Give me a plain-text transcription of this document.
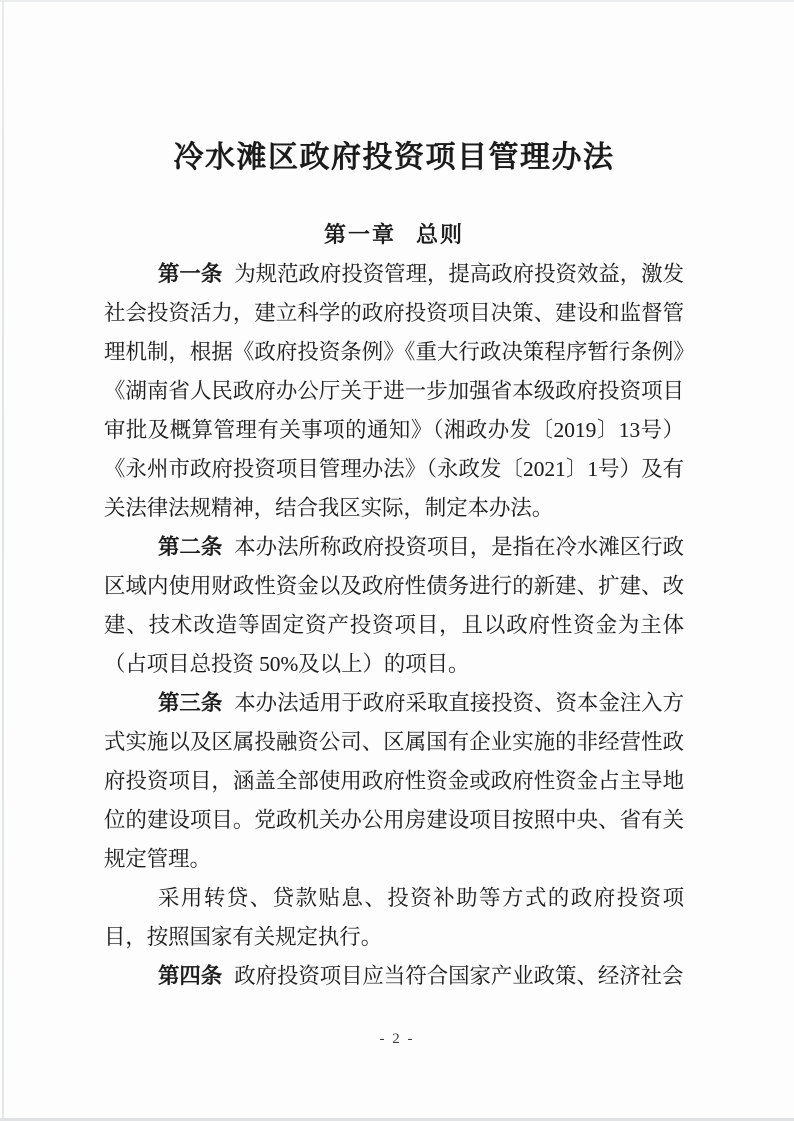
冷水滩区政府投资项目管理办法
第一章 总则

第一条 为规范政府投资管理，提高政府投资效益，激发社会投资活力，建立科学的政府投资项目决策、建设和监督管理机制，根据《政府投资条例》《重大行政决策程序暂行条例》《湖南省人民政府办公厅关于进一步加强省本级政府投资项目审批及概算管理有关事项的通知》（湘政办发〔2019〕13号）《永州市政府投资项目管理办法》（永政发〔2021〕1号）及有关法律法规精神，结合我区实际，制定本办法。

第二条 本办法所称政府投资项目，是指在冷水滩区行政区域内使用财政性资金以及政府性债务进行的新建、扩建、改建、技术改造等固定资产投资项目，且以政府性资金为主体（占项目总投资 50%及以上）的项目。

第三条 本办法适用于政府采取直接投资、资本金注入方式实施以及区属投融资公司、区属国有企业实施的非经营性政府投资项目，涵盖全部使用政府性资金或政府性资金占主导地位的建设项目。党政机关办公用房建设项目按照中央、省有关规定管理。

采用转贷、贷款贴息、投资补助等方式的政府投资项目，按照国家有关规定执行。

第四条 政府投资项目应当符合国家产业政策、经济社会

- 2 -
